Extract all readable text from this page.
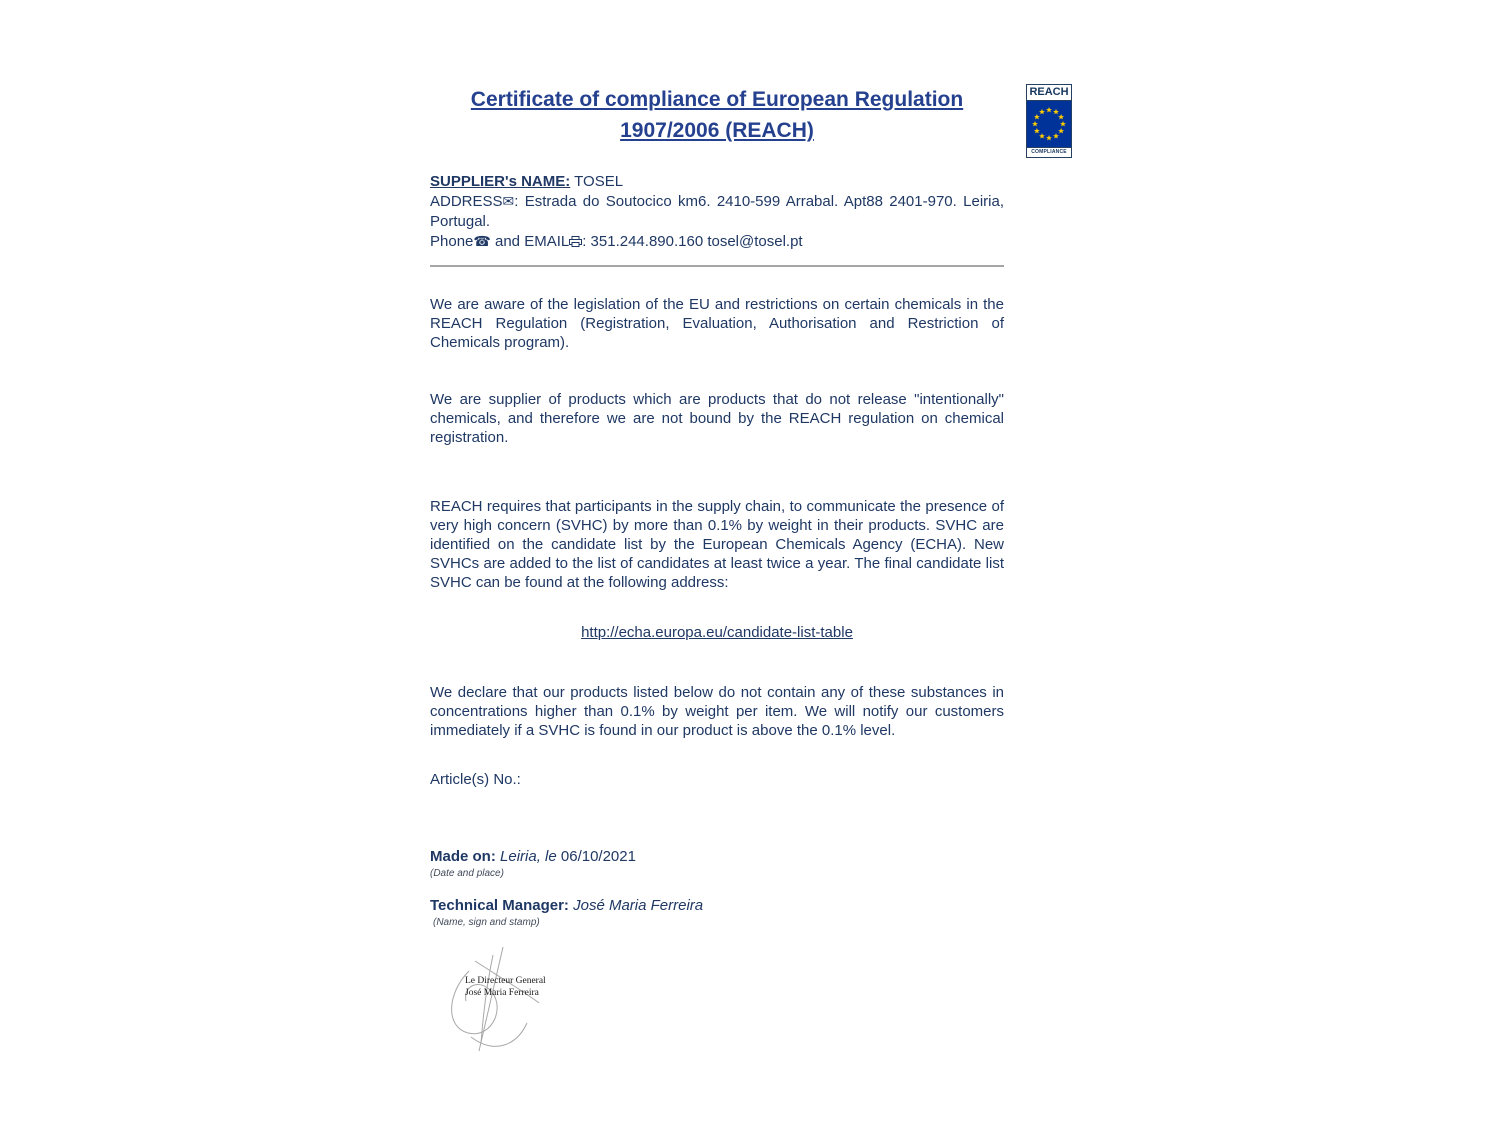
REACH
COMPLIANCE
Certificate of compliance of European Regulation
1907/2006 (REACH)
SUPPLIER's NAME: TOSEL
ADDRESS✉: Estrada do Soutocico km6. 2410-599 Arrabal. Apt88 2401-970. Leiria, Portugal.
Phone☎ and EMAIL : 351.244.890.160 tosel@tosel.pt

We are aware of the legislation of the EU and restrictions on certain chemicals in the REACH Regulation (Registration, Evaluation, Authorisation and Restriction of Chemicals program).

We are supplier of products which are products that do not release "intentionally" chemicals, and therefore we are not bound by the REACH regulation on chemical registration.

REACH requires that participants in the supply chain, to communicate the presence of very high concern (SVHC) by more than 0.1% by weight in their products. SVHC are identified on the candidate list by the European Chemicals Agency (ECHA). New SVHCs are added to the list of candidates at least twice a year. The final candidate list SVHC can be found at the following address:

http://echa.europa.eu/candidate-list-table

We declare that our products listed below do not contain any of these substances in concentrations higher than 0.1% by weight per item. We will notify our customers immediately if a SVHC is found in our product is above the 0.1% level.

Article(s) No.:
Made on: Leiria, le 06/10/2021
(Date and place)
Technical Manager: José Maria Ferreira
(Name, sign and stamp)
Le Directeur General
José Maria Ferreira
